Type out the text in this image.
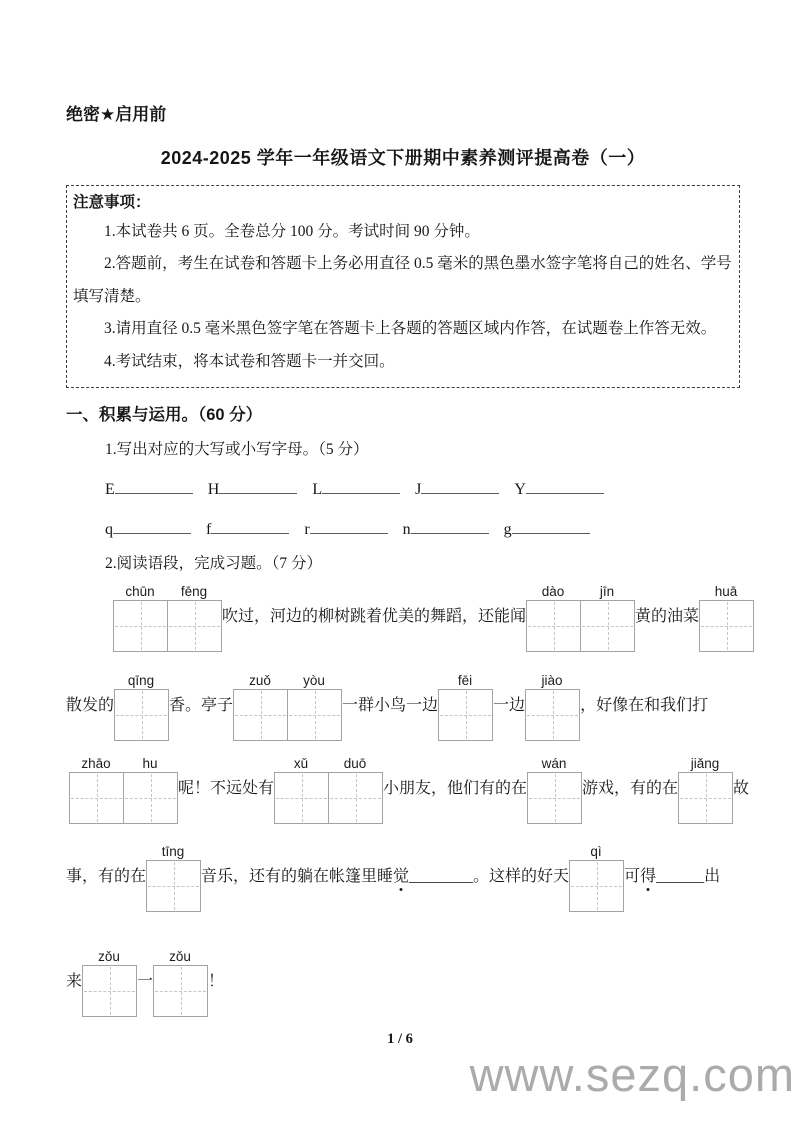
绝密★启用前
2024-2025 学年一年级语文下册期中素养测评提高卷（一）
注意事项：

1.本试卷共 6 页。全卷总分 100 分。考试时间 90 分钟。

2.答题前，考生在试卷和答题卡上务必用直径 0.5 毫米的黑色墨水签字笔将自己的姓名、学号填写清楚。

3.请用直径 0.5 毫米黑色签字笔在答题卡上各题的答题区域内作答，在试题卷上作答无效。

4.考试结束，将本试卷和答题卡一并交回。

一、积累与运用。（60 分）
1.写出对应的大写或小写字母。（5 分）
E	H	L	J	Y
q	f	r	n	g
2.阅读语段，完成习题。（7 分）
chūn	fēng
吹过，河边的柳树跳着优美的舞蹈，还能闻
dào	jīn
黄的油菜
huā
散发的
qīng
香。亭子
zuǒ	yòu
一群小鸟一边
fēi
一边
jiào
，好像在和我们打
zhāo	hu
呢！不远处有
xǔ	duō
小朋友，他们有的在
wán
游戏，有的在
jiǎng
故
事，有的在
tīng
音乐，还有的躺在帐篷里睡觉________。这样的好天
qì
可得______出
来
zǒu
一
zǒu
！
1 / 6
www.sezq.com
